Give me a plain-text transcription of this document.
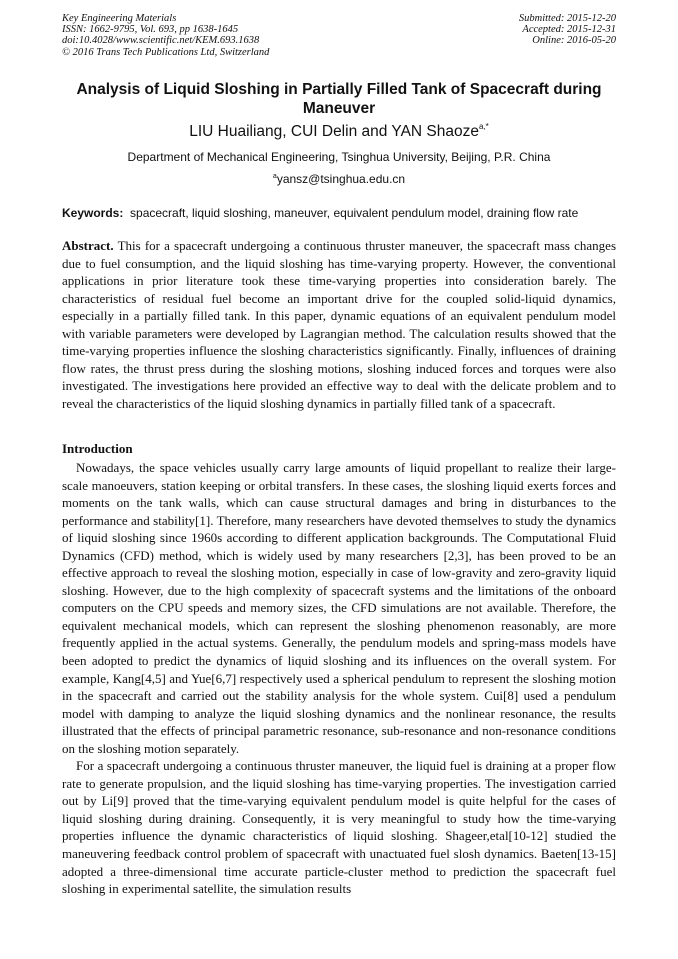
Key Engineering Materials
ISSN: 1662-9795, Vol. 693, pp 1638-1645
doi:10.4028/www.scientific.net/KEM.693.1638
© 2016 Trans Tech Publications Ltd, Switzerland
Submitted: 2015-12-20
Accepted: 2015-12-31
Online: 2016-05-20
Analysis of Liquid Sloshing in Partially Filled Tank of Spacecraft during Maneuver
LIU Huailiang, CUI Delin and YAN Shaoze$^{a,*}$
Department of Mechanical Engineering, Tsinghua University, Beijing, P.R. China
$^a$yansz@tsinghua.edu.cn
Keywords: spacecraft, liquid sloshing, maneuver, equivalent pendulum model, draining flow rate
Abstract. This for a spacecraft undergoing a continuous thruster maneuver, the spacecraft mass changes due to fuel consumption, and the liquid sloshing has time-varying property. However, the conventional applications in prior literature took these time-varying properties into consideration barely. The characteristics of residual fuel become an important drive for the coupled solid-liquid dynamics, especially in a partially filled tank. In this paper, dynamic equations of an equivalent pendulum model with variable parameters were developed by Lagrangian method. The calculation results showed that the time-varying properties influence the sloshing characteristics significantly. Finally, influences of draining flow rates, the thrust press during the sloshing motions, sloshing induced forces and torques were also investigated. The investigations here provided an effective way to deal with the delicate problem and to reveal the characteristics of the liquid sloshing dynamics in partially filled tank of a spacecraft.
Introduction

Nowadays, the space vehicles usually carry large amounts of liquid propellant to realize their large-scale manoeuvers, station keeping or orbital transfers. In these cases, the sloshing liquid exerts forces and moments on the tank walls, which can cause structural damages and bring in disturbances to the performance and stability[1]. Therefore, many researchers have devoted themselves to study the dynamics of liquid sloshing since 1960s according to different application backgrounds. The Computational Fluid Dynamics (CFD) method, which is widely used by many researchers [2,3], has been proved to be an effective approach to reveal the sloshing motion, especially in case of low-gravity and zero-gravity liquid sloshing. However, due to the high complexity of spacecraft systems and the limitations of the onboard computers on the CPU speeds and memory sizes, the CFD simulations are not available. Therefore, the equivalent mechanical models, which can represent the sloshing phenomenon reasonably, are more frequently applied in the actual systems. Generally, the pendulum models and spring-mass models have been adopted to predict the dynamics of liquid sloshing and its influences on the overall system. For example, Kang[4,5] and Yue[6,7] respectively used a spherical pendulum to represent the sloshing motion in the spacecraft and carried out the stability analysis for the whole system. Cui[8] used a pendulum model with damping to analyze the liquid sloshing dynamics and the nonlinear resonance, the results illustrated that the effects of principal parametric resonance, sub-resonance and non-resonance conditions on the sloshing motion separately.

For a spacecraft undergoing a continuous thruster maneuver, the liquid fuel is draining at a proper flow rate to generate propulsion, and the liquid sloshing has time-varying properties. The investigation carried out by Li[9] proved that the time-varying equivalent pendulum model is quite helpful for the cases of liquid sloshing during draining. Consequently, it is very meaningful to study how the time-varying properties influence the dynamic characteristics of liquid sloshing. Shageer,etal[10-12] studied the maneuvering feedback control problem of spacecraft with unactuated fuel slosh dynamics. Baeten[13-15] adopted a three-dimensional time accurate particle-cluster method to prediction the spacecraft fuel sloshing in experimental satellite, the simulation results
